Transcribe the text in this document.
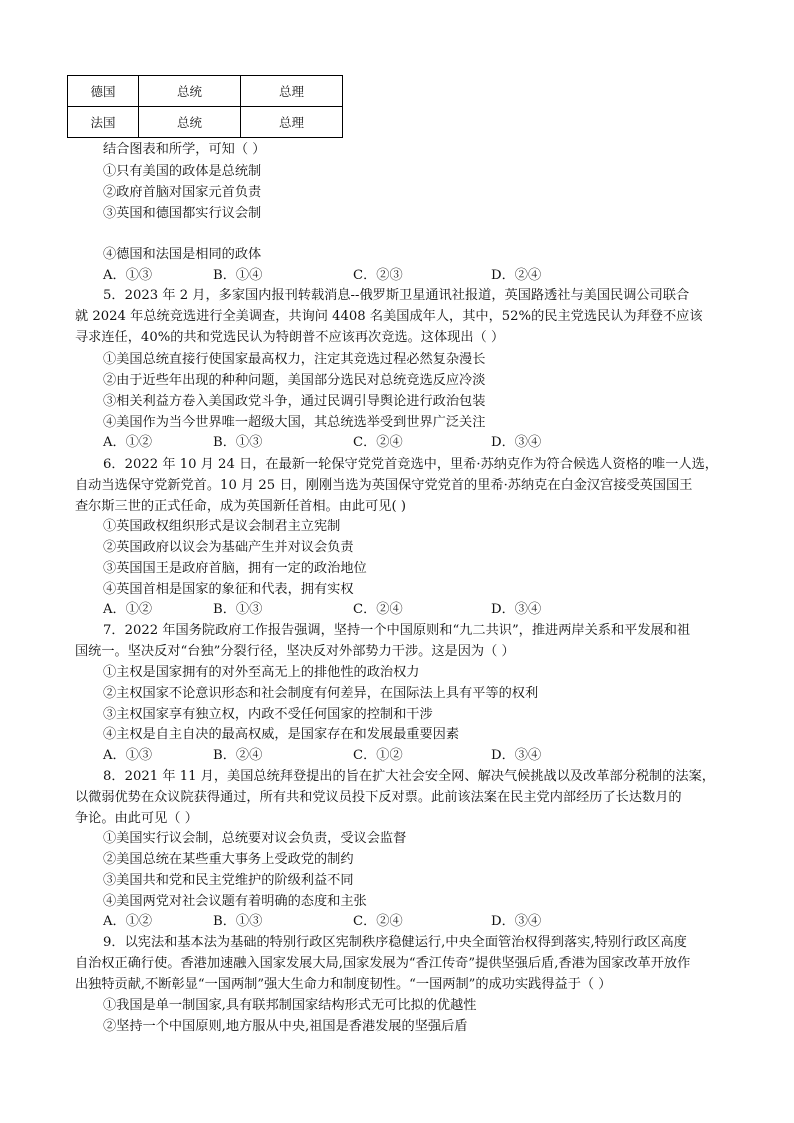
德国	总统	总理
法国	总统	总理
结合图表和所学，可知（ ）
①只有美国的政体是总统制
②政府首脑对国家元首负责
③英国和德国都实行议会制
④德国和法国是相同的政体
A．①③	B．①④	C．②③	D．②④
5．2023 年 2 月，多家国内报刊转载消息--俄罗斯卫星通讯社报道，英国路透社与美国民调公司联合
就 2024 年总统竞选进行全美调查，共询问 4408 名美国成年人，其中，52%的民主党选民认为拜登不应该
寻求连任，40%的共和党选民认为特朗普不应该再次竞选。这体现出（ ）
①美国总统直接行使国家最高权力，注定其竞选过程必然复杂漫长
②由于近些年出现的种种问题，美国部分选民对总统竞选反应冷淡
③相关利益方卷入美国政党斗争，通过民调引导舆论进行政治包装
④美国作为当今世界唯一超级大国，其总统选举受到世界广泛关注
A．①②	B．①③	C．②④	D．③④
6．2022 年 10 月 24 日，在最新一轮保守党党首竞选中，里希·苏纳克作为符合候选人资格的唯一人选，
自动当选保守党新党首。10 月 25 日，刚刚当选为英国保守党党首的里希·苏纳克在白金汉宫接受英国国王
查尔斯三世的正式任命，成为英国新任首相。由此可见( )
①英国政权组织形式是议会制君主立宪制
②英国政府以议会为基础产生并对议会负责
③英国国王是政府首脑，拥有一定的政治地位
④英国首相是国家的象征和代表，拥有实权
A．①②	B．①③	C．②④	D．③④
7．2022 年国务院政府工作报告强调，坚持一个中国原则和“九二共识”，推进两岸关系和平发展和祖
国统一。坚决反对“台独”分裂行径，坚决反对外部势力干涉。这是因为（ ）
①主权是国家拥有的对外至高无上的排他性的政治权力
②主权国家不论意识形态和社会制度有何差异，在国际法上具有平等的权利
③主权国家享有独立权，内政不受任何国家的控制和干涉
④主权是自主自决的最高权威，是国家存在和发展最重要因素
A．①③	B．②④	C．①②	D．③④
8．2021 年 11 月，美国总统拜登提出的旨在扩大社会安全网、解决气候挑战以及改革部分税制的法案，
以微弱优势在众议院获得通过，所有共和党议员投下反对票。此前该法案在民主党内部经历了长达数月的
争论。由此可见（ ）
①美国实行议会制，总统要对议会负责，受议会监督
②美国总统在某些重大事务上受政党的制约
③美国共和党和民主党维护的阶级利益不同
④美国两党对社会议题有着明确的态度和主张
A．①②	B．①③	C．②④	D．③④
9．以宪法和基本法为基础的特别行政区宪制秩序稳健运行,中央全面管治权得到落实,特别行政区高度
自治权正确行使。香港加速融入国家发展大局,国家发展为“香江传奇”提供坚强后盾,香港为国家改革开放作
出独特贡献,不断彰显“一国两制”强大生命力和制度韧性。“一国两制”的成功实践得益于（ ）
①我国是单一制国家,具有联邦制国家结构形式无可比拟的优越性
②坚持一个中国原则,地方服从中央,祖国是香港发展的坚强后盾
